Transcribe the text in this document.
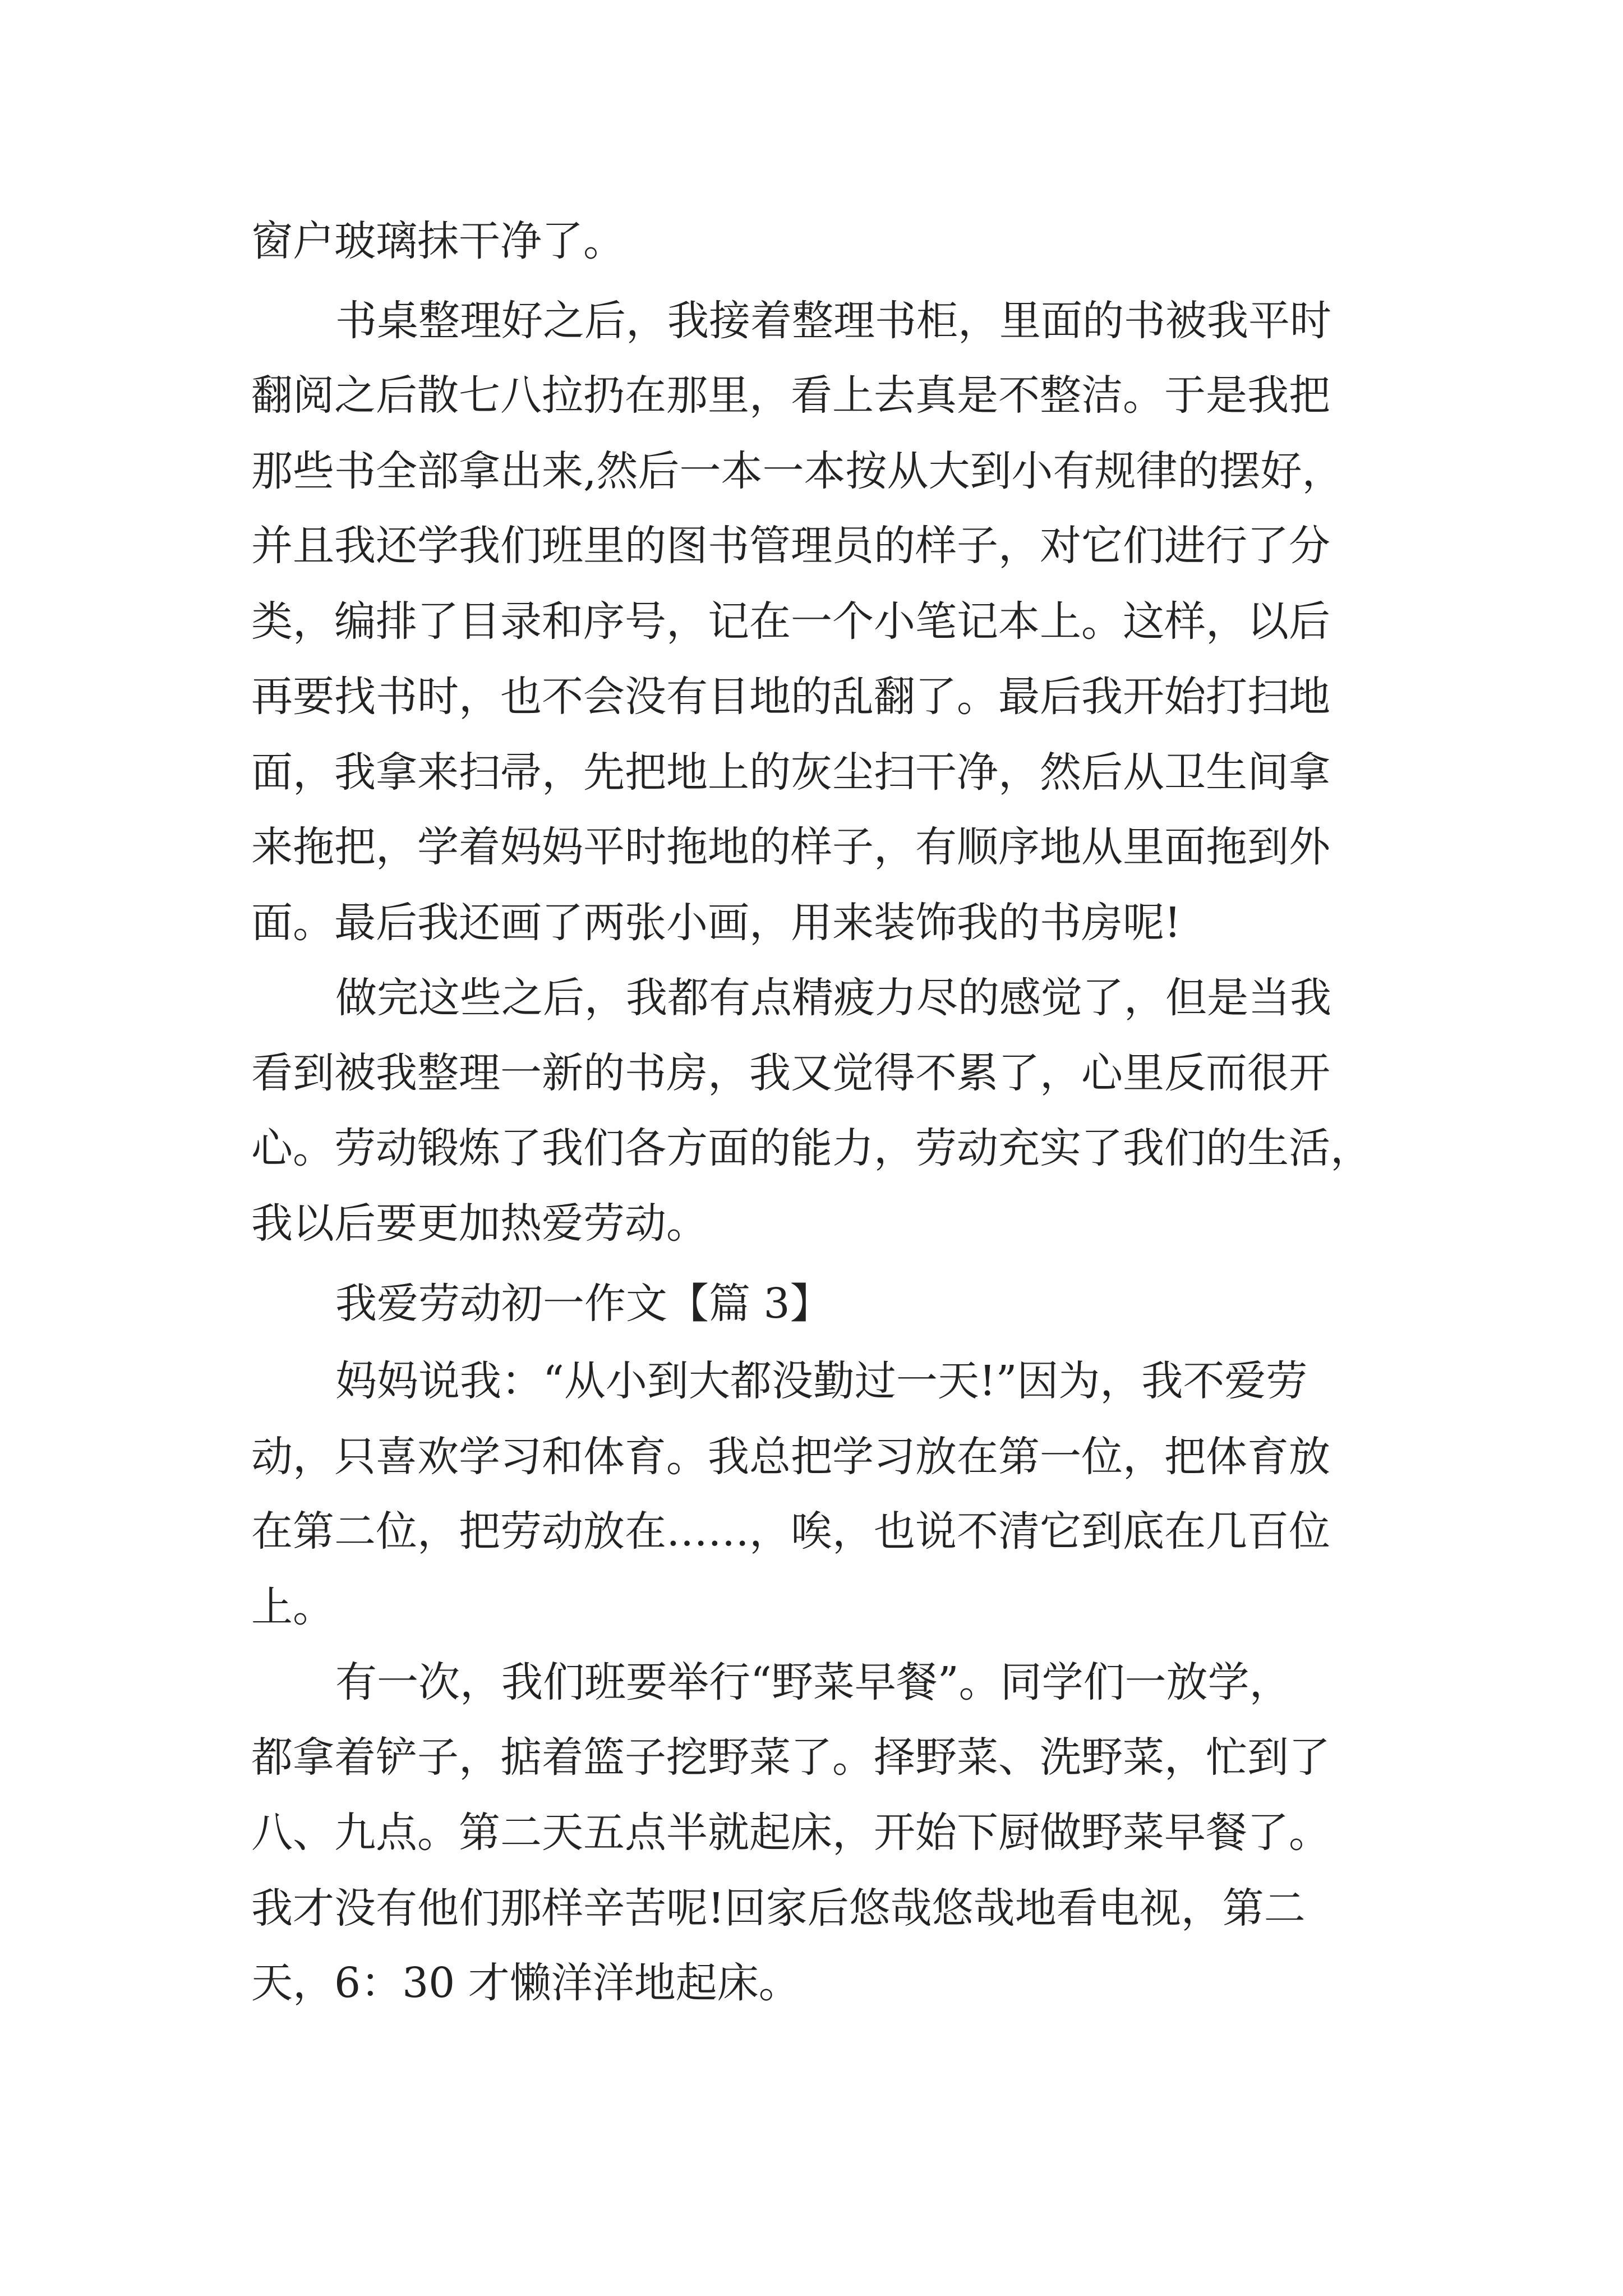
窗户玻璃抹干净了。

书桌整理好之后，我接着整理书柜，里面的书被我平时

翻阅之后散七八拉扔在那里，看上去真是不整洁。于是我把

那些书全部拿出来,然后一本一本按从大到小有规律的摆好，

并且我还学我们班里的图书管理员的样子，对它们进行了分

类，编排了目录和序号，记在一个小笔记本上。这样，以后

再要找书时，也不会没有目地的乱翻了。最后我开始打扫地

面，我拿来扫帚，先把地上的灰尘扫干净，然后从卫生间拿

来拖把，学着妈妈平时拖地的样子，有顺序地从里面拖到外

面。最后我还画了两张小画，用来装饰我的书房呢!

做完这些之后，我都有点精疲力尽的感觉了，但是当我

看到被我整理一新的书房，我又觉得不累了，心里反而很开

心。劳动锻炼了我们各方面的能力，劳动充实了我们的生活，

我以后要更加热爱劳动。

我爱劳动初一作文【篇 3】

妈妈说我：“从小到大都没勤过一天!”因为，我不爱劳

动，只喜欢学习和体育。我总把学习放在第一位，把体育放

在第二位，把劳动放在……，唉，也说不清它到底在几百位

上。

有一次，我们班要举行“野菜早餐”。同学们一放学，

都拿着铲子，掂着篮子挖野菜了。择野菜、洗野菜，忙到了

八、九点。第二天五点半就起床，开始下厨做野菜早餐了。

我才没有他们那样辛苦呢!回家后悠哉悠哉地看电视，第二

天，6：30 才懒洋洋地起床。
